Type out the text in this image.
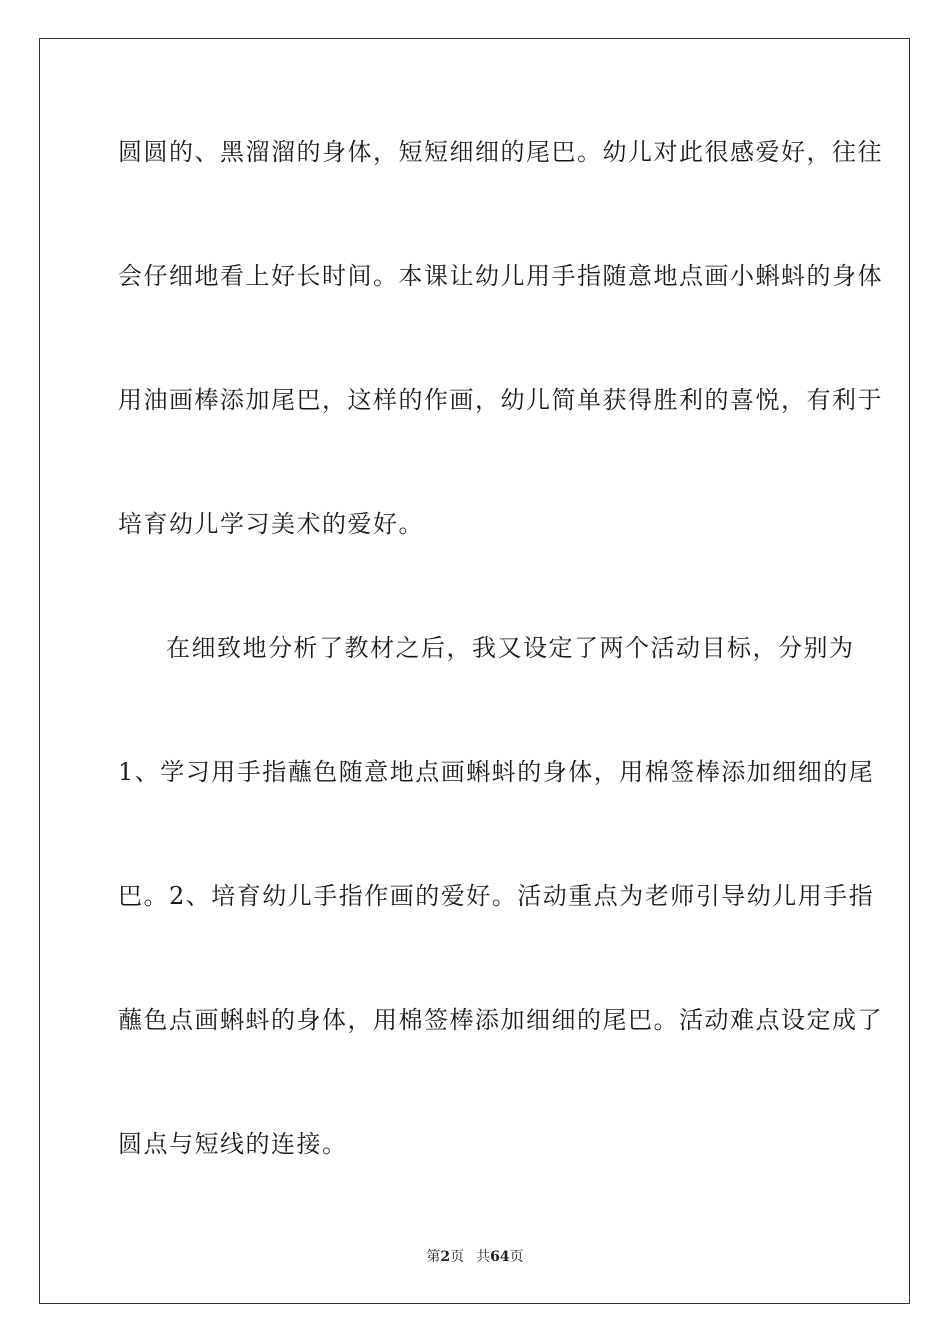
圆圆的、黑溜溜的身体，短短细细的尾巴。幼儿对此很感爱好，往往
会仔细地看上好长时间。本课让幼儿用手指随意地点画小蝌蚪的身体
用油画棒添加尾巴，这样的作画，幼儿简单获得胜利的喜悦，有利于
培育幼儿学习美术的爱好。
在细致地分析了教材之后，我又设定了两个活动目标，分别为
1、学习用手指蘸色随意地点画蝌蚪的身体，用棉签棒添加细细的尾
巴。2、培育幼儿手指作画的爱好。活动重点为老师引导幼儿用手指
蘸色点画蝌蚪的身体，用棉签棒添加细细的尾巴。活动难点设定成了
圆点与短线的连接。
第2页 共64页
